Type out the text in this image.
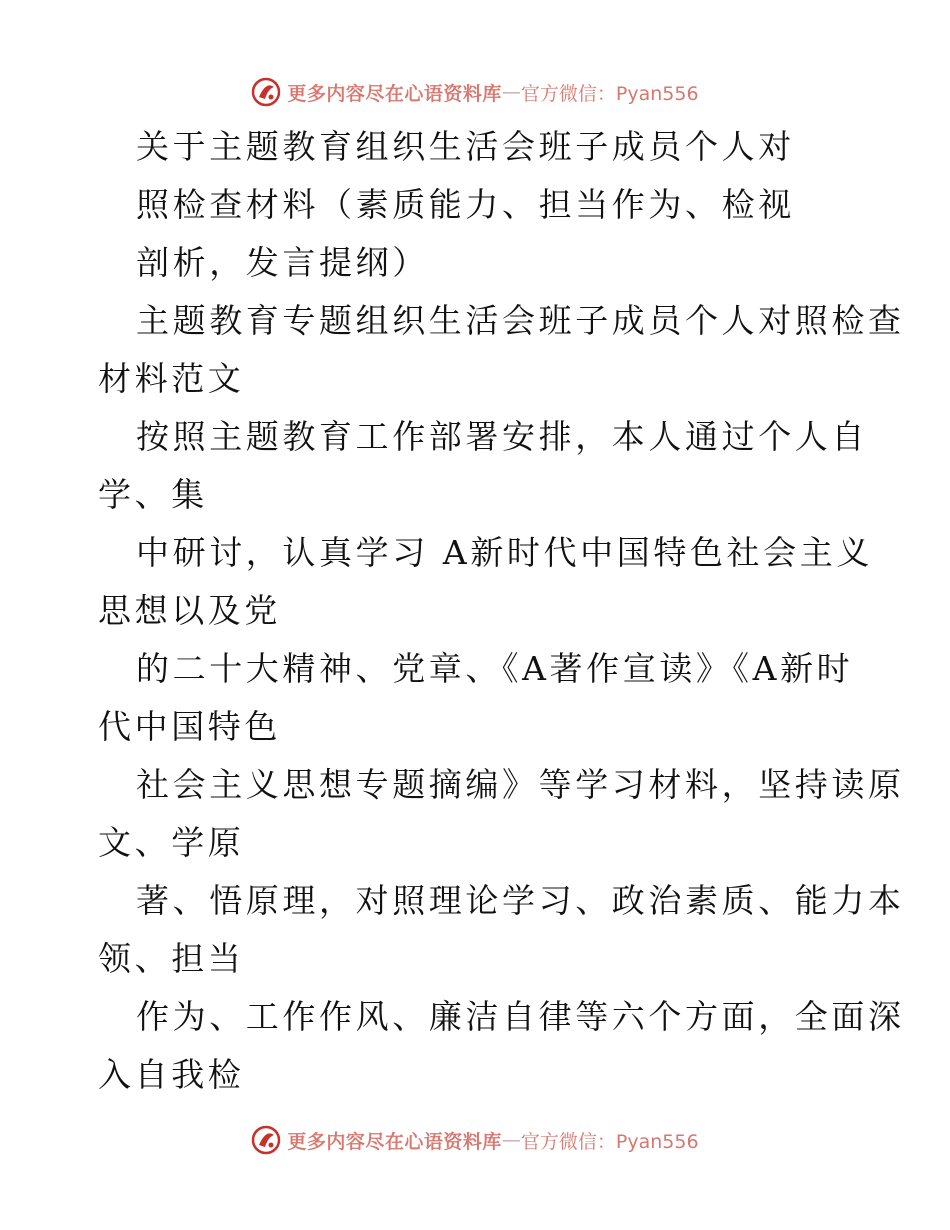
更多内容尽在心语资料库 — 官方微信：Pyan556
关于主题教育组织生活会班子成员个人对
照检查材料（素质能力、担当作为、检视
剖析，发言提纲）
主题教育专题组织生活会班子成员个人对照检查
材料范文
按照主题教育工作部署安排，本人通过个人自
学、集
中研讨，认真学习 A新时代中国特色社会主义
思想以及党
的二十大精神、党章、《A著作宣读》《A新时
代中国特色
社会主义思想专题摘编》等学习材料，坚持读原
文、学原
著、悟原理，对照理论学习、政治素质、能力本
领、担当
作为、工作作风、廉洁自律等六个方面，全面深
入自我检
更多内容尽在心语资料库 — 官方微信：Pyan556
